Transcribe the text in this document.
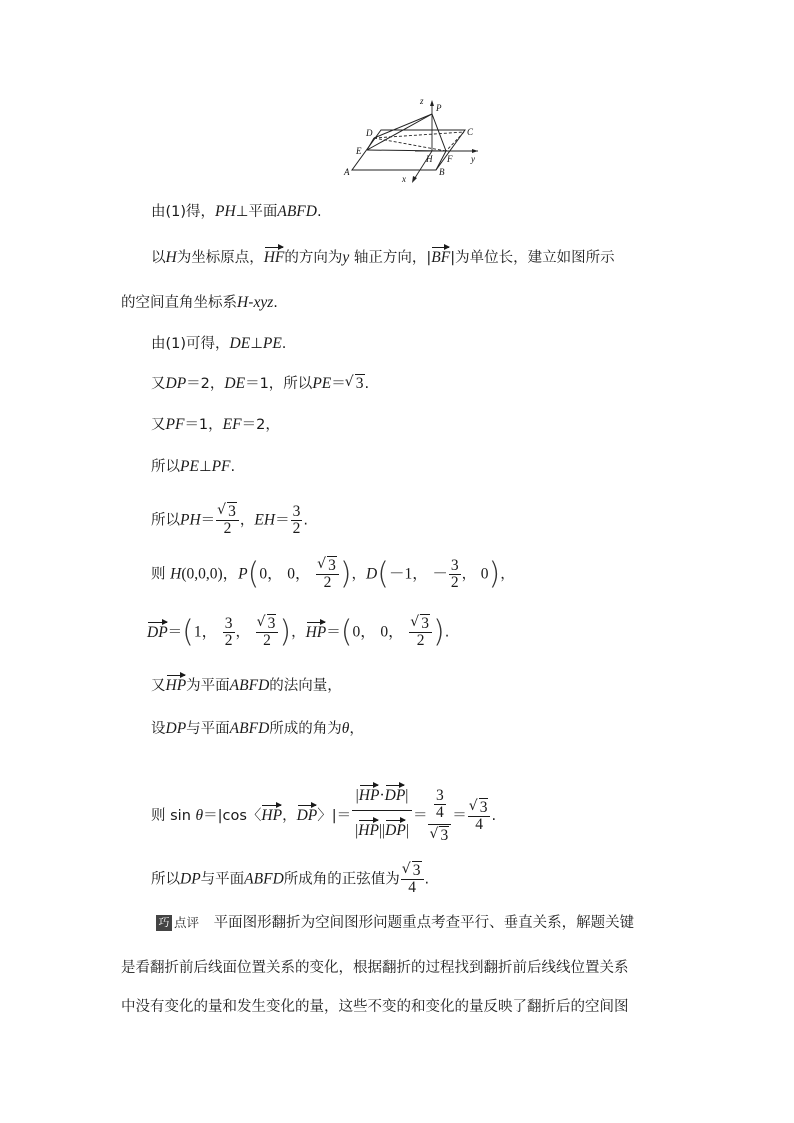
z
P
D	C
E
H F y
A
x
B
由(1)得，PH⊥平面ABFD.
以H为坐标原点，HF的方向为y 轴正方向，|BF|为单位长，建立如图所示
的空间直角坐标系H-xyz.
由(1)可得，DE⊥PE.
又DP＝2，DE＝1，所以PE＝ √ 3.
又PF＝1，EF＝2，
所以PE⊥PF.
所以PH＝ √ $\frac{3}{2}$ ，$EH= \frac{3}{2}$ .
则 H(0,0,0)，P(0， 0， √ $\frac{3}{2}$ )，D(－1， － $\frac{3}{2}$ ， 0)，
DP＝(1， $\frac{3}{2}$ ， √ $\frac{3}{2}$ )，HP＝(0， 0， √ $\frac{3}{2}$ ).
又HP为平面ABFD的法向量，
设DP与平面ABFD所成的角为θ，
则 sin θ＝|cos〈HP，DP〉|＝ $\frac{|HP\cdot DP|}{|HP||DP|} = \frac{3}{4}$
√ 3 ＝ √ $\frac{3}{4}$ .
所以DP与平面ABFD所成角的正弦值为 √ $\frac{3}{4}$ .
巧 点评 平面图形翻折为空间图形问题重点考查平行、垂直关系，解题关键
是看翻折前后线面位置关系的变化，根据翻折的过程找到翻折前后线线位置关系
中没有变化的量和发生变化的量，这些不变的和变化的量反映了翻折后的空间图
